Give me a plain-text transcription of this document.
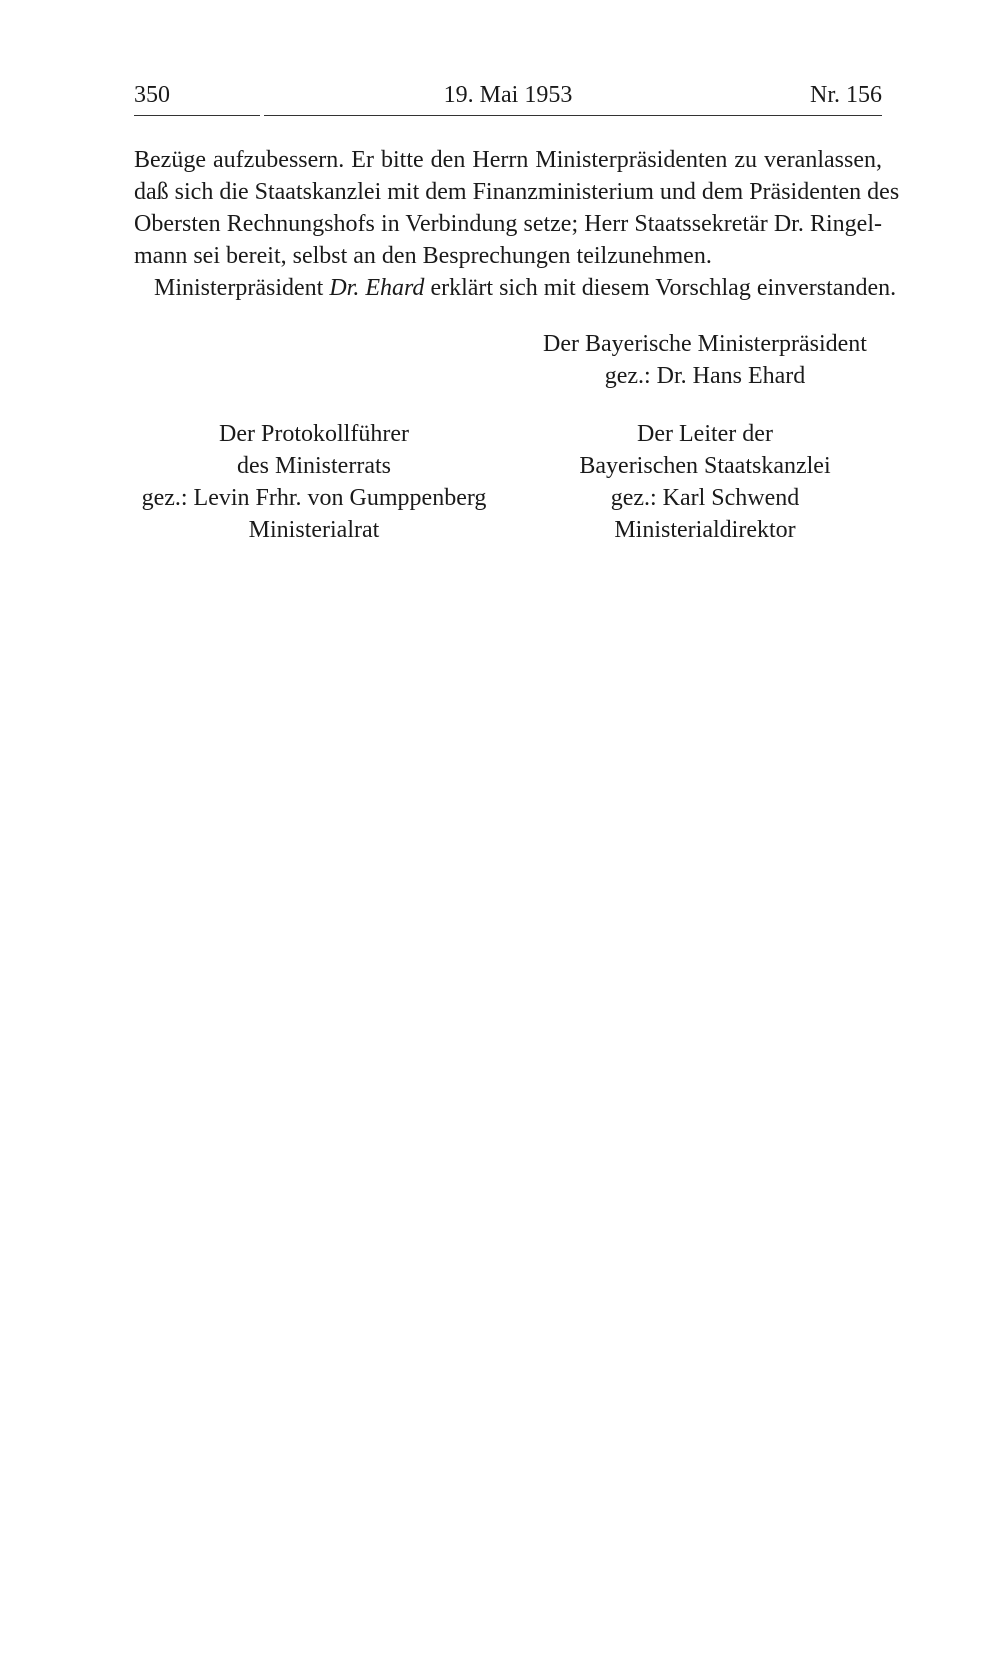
350	19. Mai 1953	Nr. 156
Bezüge aufzubessern. Er bitte den Herrn Ministerpräsidenten zu veranlassen,
daß sich die Staatskanzlei mit dem Finanzministerium und dem Präsidenten des
Obersten Rechnungshofs in Verbindung setze; Herr Staatssekretär Dr. Ringel-
mann sei bereit, selbst an den Besprechungen teilzunehmen.
Ministerpräsident Dr. Ehard erklärt sich mit diesem Vorschlag einverstanden.
Der Bayerische Ministerpräsident
gez.: Dr. Hans Ehard
Der Protokollführer
des Ministerrats
gez.: Levin Frhr. von Gumppenberg
Ministerialrat
Der Leiter der
Bayerischen Staatskanzlei
gez.: Karl Schwend
Ministerialdirektor
